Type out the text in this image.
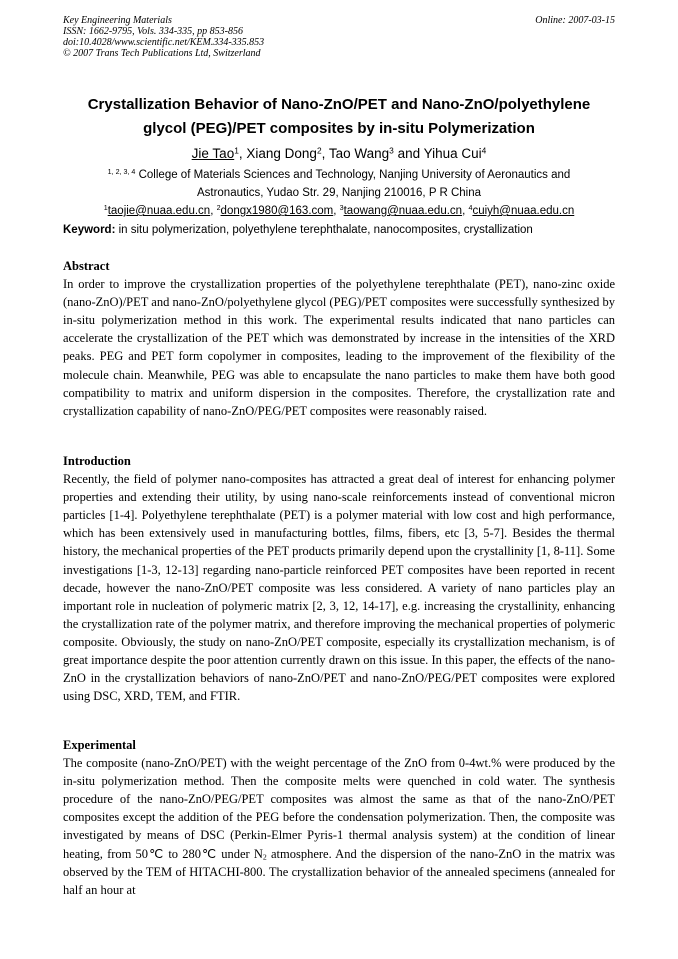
Key Engineering Materials
ISSN: 1662-9795, Vols. 334-335, pp 853-856
doi:10.4028/www.scientific.net/KEM.334-335.853
© 2007 Trans Tech Publications Ltd, Switzerland
Online: 2007-03-15
Crystallization Behavior of Nano-ZnO/PET and Nano-ZnO/polyethylene
glycol (PEG)/PET composites by in-situ Polymerization
Jie Tao$^1$, Xiang Dong$^2$, Tao Wang$^3$ and Yihua Cui$^4$
$^{1, 2, 3, 4}$ College of Materials Sciences and Technology, Nanjing University of Aeronautics and
Astronautics, Yudao Str. 29, Nanjing 210016, P R China
$^1$taojie@nuaa.edu.cn, $^2$dongx1980@163.com, $^3$taowang@nuaa.edu.cn, $^4$cuiyh@nuaa.edu.cn
Keyword: in situ polymerization, polyethylene terephthalate, nanocomposites, crystallization
Abstract

In order to improve the crystallization properties of the polyethylene terephthalate (PET), nano-zinc oxide (nano-ZnO)/PET and nano-ZnO/polyethylene glycol (PEG)/PET composites were successfully synthesized by in-situ polymerization method in this work. The experimental results indicated that nano particles can accelerate the crystallization of the PET which was demonstrated by increase in the intensities of the XRD peaks. PEG and PET form copolymer in composites, leading to the improvement of the flexibility of the molecule chain. Meanwhile, PEG was able to encapsulate the nano particles to make them have both good compatibility to matrix and uniform dispersion in the composites. Therefore, the crystallization rate and crystallization capability of nano-ZnO/PEG/PET composites were reasonably raised.

Introduction

Recently, the field of polymer nano-composites has attracted a great deal of interest for enhancing polymer properties and extending their utility, by using nano-scale reinforcements instead of conventional micron particles [1-4]. Polyethylene terephthalate (PET) is a polymer material with low cost and high performance, which has been extensively used in manufacturing bottles, films, fibers, etc [3, 5-7]. Besides the thermal history, the mechanical properties of the PET products primarily depend upon the crystallinity [1, 8-11]. Some investigations [1-3, 12-13] regarding nano-particle reinforced PET composites have been reported in recent decade, however the nano-ZnO/PET composite was less considered. A variety of nano particles play an important role in nucleation of polymeric matrix [2, 3, 12, 14-17], e.g. increasing the crystallinity, enhancing the crystallization rate of the polymer matrix, and therefore improving the mechanical properties of polymeric composite. Obviously, the study on nano-ZnO/PET composite, especially its crystallization mechanism, is of great importance despite the poor attention currently drawn on this issue. In this paper, the effects of the nano-ZnO in the crystallization behaviors of nano-ZnO/PET and nano-ZnO/PEG/PET composites were explored using DSC, XRD, TEM, and FTIR.

Experimental

The composite (nano-ZnO/PET) with the weight percentage of the ZnO from 0-4wt.% were produced by the in-situ polymerization method. Then the composite melts were quenched in cold water. The synthesis procedure of the nano-ZnO/PEG/PET composites was almost the same as that of the nano-ZnO/PET composites except the addition of the PEG before the condensation polymerization. Then, the composite was investigated by means of DSC (Perkin-Elmer Pyris-1 thermal analysis system) at the condition of linear heating, from 50℃ to 280℃ under $N_2$ atmosphere. And the dispersion of the nano-ZnO in the matrix was observed by the TEM of HITACHI-800. The crystallization behavior of the annealed specimens (annealed for half an hour at
